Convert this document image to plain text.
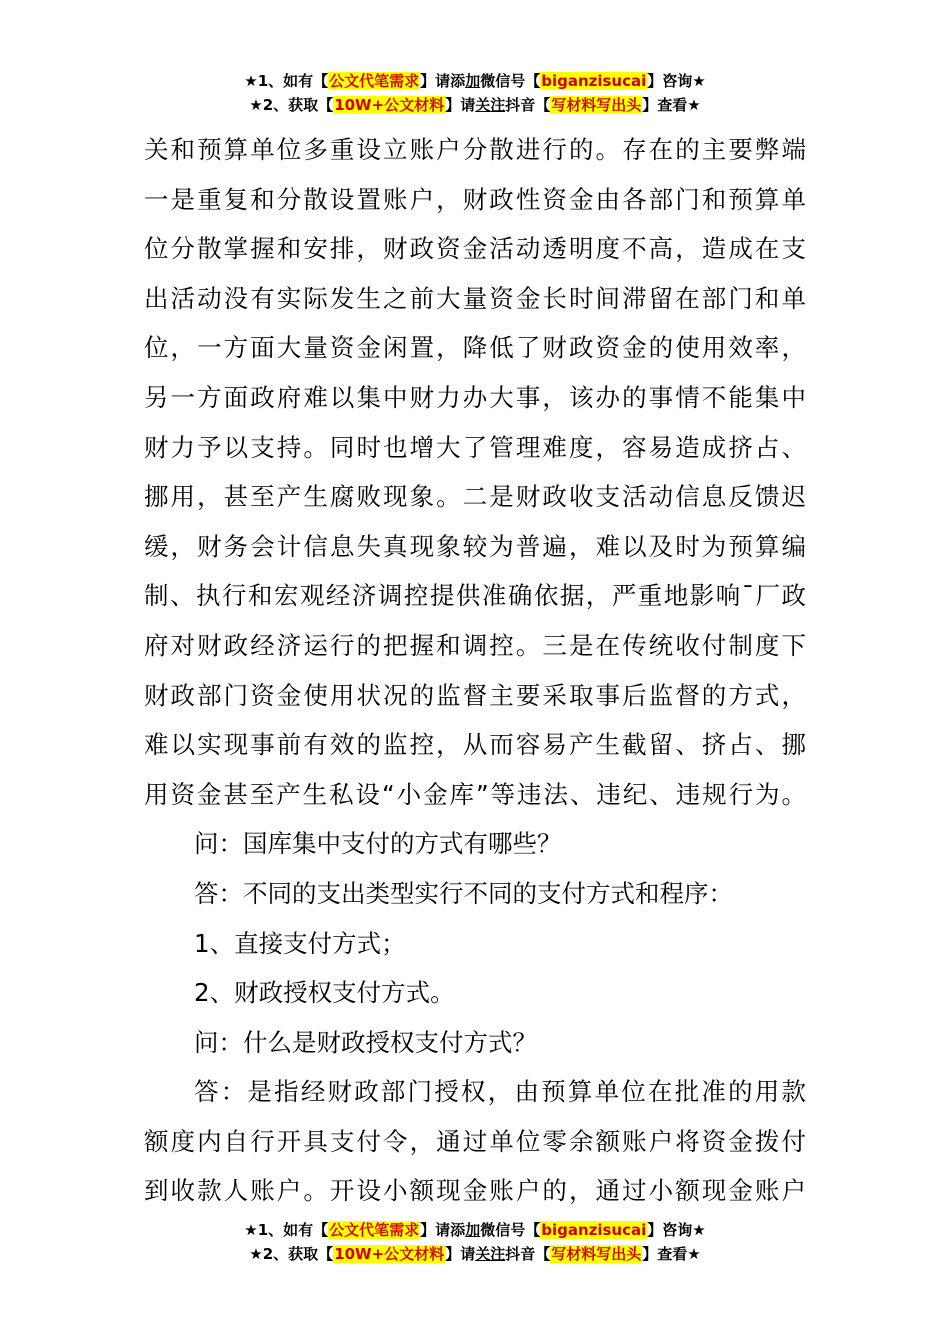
★1、如有【公文代笔需求】请添加微信号【biganzisucai】咨询★
★2、获取【10W+公文材料】请关注抖音【写材料写出头】查看★

关和预算单位多重设立账户分散进行的。存在的主要弊端

一是重复和分散设置账户，财政性资金由各部门和预算单

位分散掌握和安排，财政资金活动透明度不高，造成在支

出活动没有实际发生之前大量资金长时间滞留在部门和单

位，一方面大量资金闲置，降低了财政资金的使用效率，

另一方面政府难以集中财力办大事，该办的事情不能集中

财力予以支持。同时也增大了管理难度，容易造成挤占、

挪用，甚至产生腐败现象。二是财政收支活动信息反馈迟

缓，财务会计信息失真现象较为普遍，难以及时为预算编

制、执行和宏观经济调控提供准确依据，严重地影响¯厂政

府对财政经济运行的把握和调控。三是在传统收付制度下

财政部门资金使用状况的监督主要采取事后监督的方式，

难以实现事前有效的监控，从而容易产生截留、挤占、挪

用资金甚至产生私设“小金库”等违法、违纪、违规行为。

问：国库集中支付的方式有哪些？

答：不同的支出类型实行不同的支付方式和程序：

1、直接支付方式；

2、财政授权支付方式。

问：什么是财政授权支付方式？

答：是指经财政部门授权，由预算单位在批准的用款

额度内自行开具支付令，通过单位零余额账户将资金拨付

到收款人账户。开设小额现金账户的，通过小额现金账户

★1、如有【公文代笔需求】请添加微信号【biganzisucai】咨询★
★2、获取【10W+公文材料】请关注抖音【写材料写出头】查看★
